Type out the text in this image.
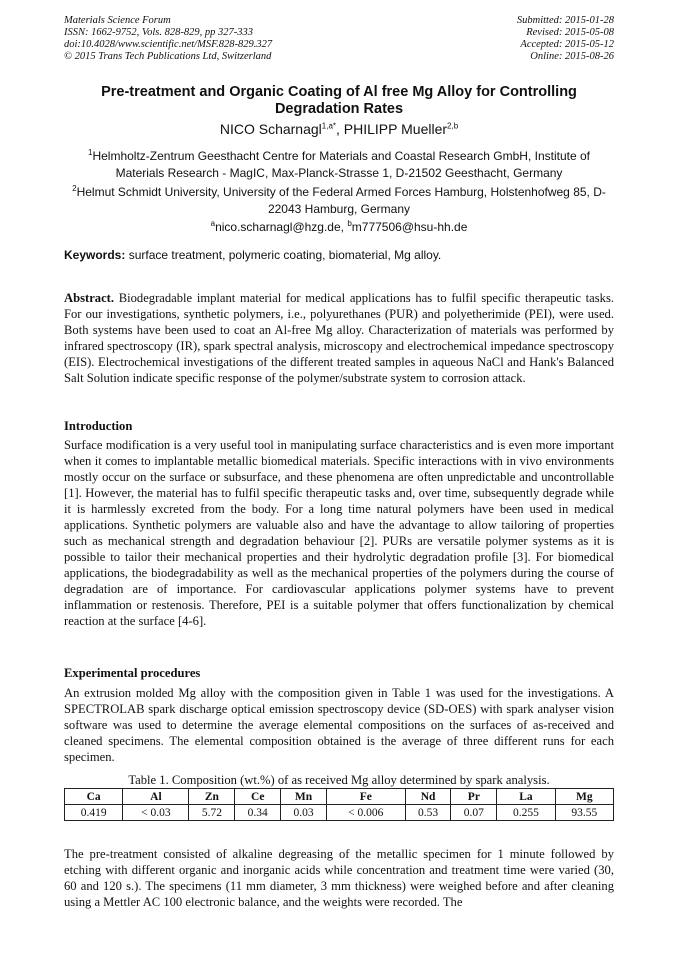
Materials Science Forum
ISSN: 1662-9752, Vols. 828-829, pp 327-333
doi:10.4028/www.scientific.net/MSF.828-829.327
© 2015 Trans Tech Publications Ltd, Switzerland
Submitted: 2015-01-28
Revised: 2015-05-08
Accepted: 2015-05-12
Online: 2015-08-26
Pre-treatment and Organic Coating of Al free Mg Alloy for Controlling Degradation Rates
NICO Scharnagl$^{1,a*}$, PHILIPP Mueller$^{2,b}$
$^1$Helmholtz-Zentrum Geesthacht Centre for Materials and Coastal Research GmbH, Institute of Materials Research - MagIC, Max-Planck-Strasse 1, D-21502 Geesthacht, Germany
$^2$Helmut Schmidt University, University of the Federal Armed Forces Hamburg, Holstenhofweg 85, D-22043 Hamburg, Germany
$^a$nico.scharnagl@hzg.de, $^b$m777506@hsu-hh.de
Keywords: surface treatment, polymeric coating, biomaterial, Mg alloy.

Abstract. Biodegradable implant material for medical applications has to fulfil specific therapeutic tasks. For our investigations, synthetic polymers, i.e., polyurethanes (PUR) and polyetherimide (PEI), were used. Both systems have been used to coat an Al-free Mg alloy. Characterization of materials was performed by infrared spectroscopy (IR), spark spectral analysis, microscopy and electrochemical impedance spectroscopy (EIS). Electrochemical investigations of the different treated samples in aqueous NaCl and Hank's Balanced Salt Solution indicate specific response of the polymer/substrate system to corrosion attack.

Introduction

Surface modification is a very useful tool in manipulating surface characteristics and is even more important when it comes to implantable metallic biomedical materials. Specific interactions with in vivo environments mostly occur on the surface or subsurface, and these phenomena are often unpredictable and uncontrollable [1]. However, the material has to fulfil specific therapeutic tasks and, over time, subsequently degrade while it is harmlessly excreted from the body. For a long time natural polymers have been used in medical applications. Synthetic polymers are valuable also and have the advantage to allow tailoring of properties such as mechanical strength and degradation behaviour [2]. PURs are versatile polymer systems as it is possible to tailor their mechanical properties and their hydrolytic degradation profile [3]. For biomedical applications, the biodegradability as well as the mechanical properties of the polymers during the course of degradation are of importance. For cardiovascular applications polymer systems have to prevent inflammation or restenosis. Therefore, PEI is a suitable polymer that offers functionalization by chemical reaction at the surface [4-6].

Experimental procedures

An extrusion molded Mg alloy with the composition given in Table 1 was used for the investigations. A SPECTROLAB spark discharge optical emission spectroscopy device (SD-OES) with spark analyser vision software was used to determine the average elemental compositions on the surfaces of as-received and cleaned specimens. The elemental composition obtained is the average of three different runs for each specimen.

Table 1. Composition (wt.%) of as received Mg alloy determined by spark analysis.
Ca	Al	Zn	Ce	Mn	Fe	Nd	Pr	La	Mg
0.419	< 0.03	5.72	0.34	0.03	< 0.006	0.53	0.07	0.255	93.55

The pre-treatment consisted of alkaline degreasing of the metallic specimen for 1 minute followed by etching with different organic and inorganic acids while concentration and treatment time were varied (30, 60 and 120 s.). The specimens (11 mm diameter, 3 mm thickness) were weighed before and after cleaning using a Mettler AC 100 electronic balance, and the weights were recorded. The
